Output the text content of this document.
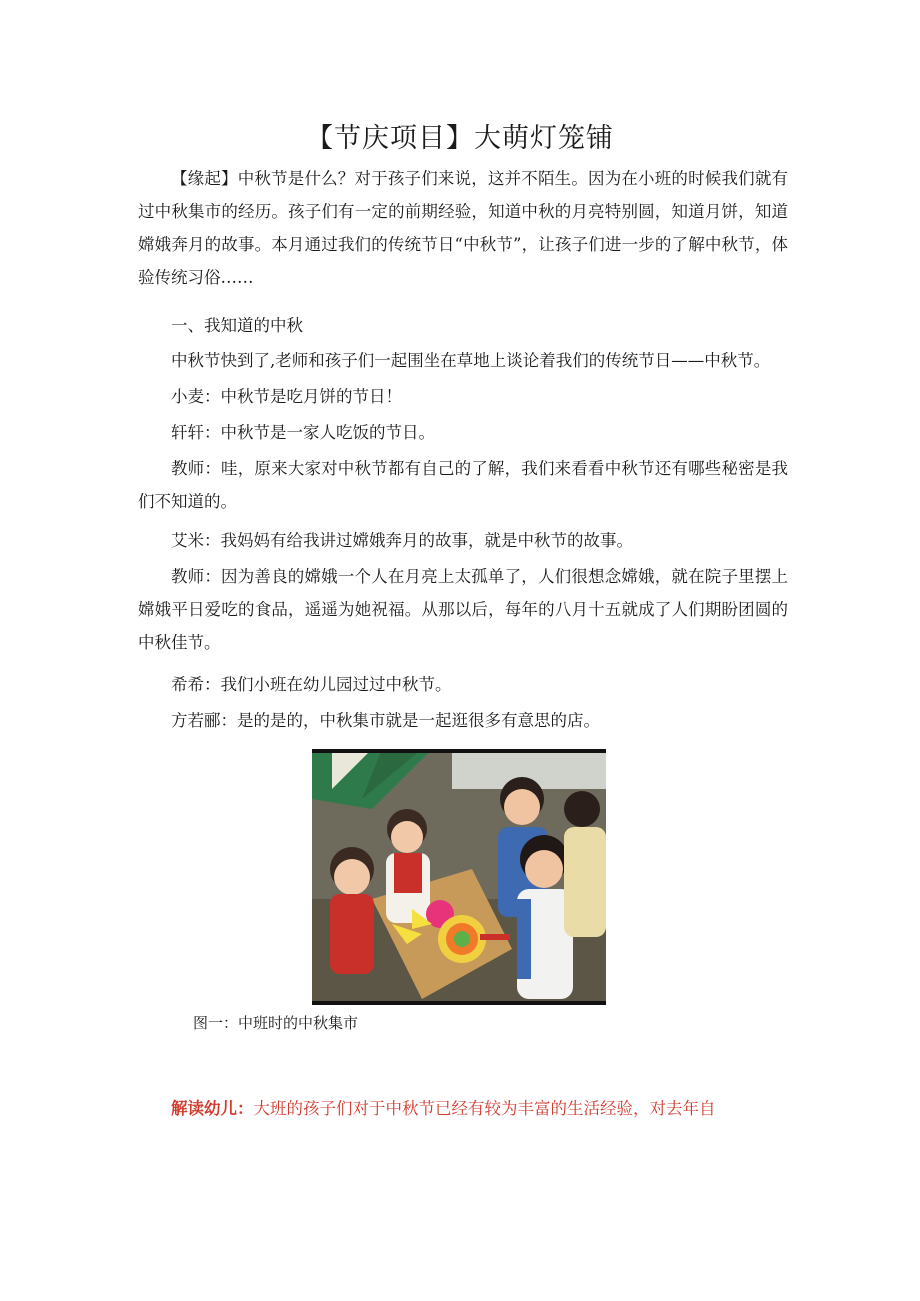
【节庆项目】大萌灯笼铺

【缘起】中秋节是什么？对于孩子们来说，这并不陌生。因为在小班的时候我们就有过中秋集市的经历。孩子们有一定的前期经验，知道中秋的月亮特别圆，知道月饼，知道嫦娥奔月的故事。本月通过我们的传统节日“中秋节”，让孩子们进一步的了解中秋节，体验传统习俗……

一、我知道的中秋

中秋节快到了,老师和孩子们一起围坐在草地上谈论着我们的传统节日——中秋节。

小麦：中秋节是吃月饼的节日！

轩轩：中秋节是一家人吃饭的节日。

教师：哇，原来大家对中秋节都有自己的了解，我们来看看中秋节还有哪些秘密是我们不知道的。

艾米：我妈妈有给我讲过嫦娥奔月的故事，就是中秋节的故事。

教师：因为善良的嫦娥一个人在月亮上太孤单了，人们很想念嫦娥，就在院子里摆上嫦娥平日爱吃的食品，遥遥为她祝福。从那以后，每年的八月十五就成了人们期盼团圆的中秋佳节。

希希：我们小班在幼儿园过过中秋节。

方若郦：是的是的，中秋集市就是一起逛很多有意思的店。

图一：中班时的中秋集市

解读幼儿：大班的孩子们对于中秋节已经有较为丰富的生活经验，对去年自
